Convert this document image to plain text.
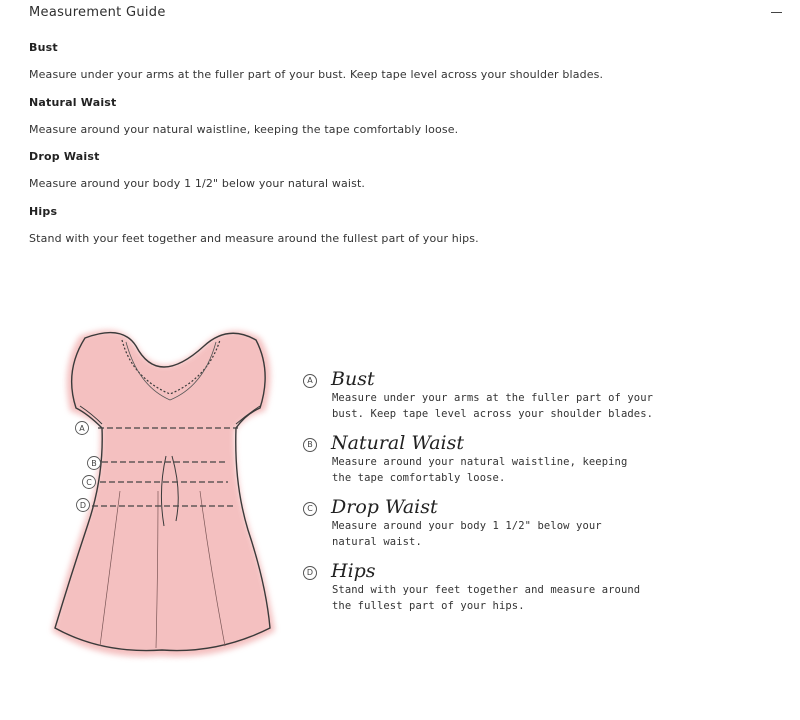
Measurement Guide
Bust
Measure under your arms at the fuller part of your bust. Keep tape level across your shoulder blades.
Natural Waist
Measure around your natural waistline, keeping the tape comfortably loose.
Drop Waist
Measure around your body 1 1/2" below your natural waist.
Hips
Stand with your feet together and measure around the fullest part of your hips.
A
B
C
D
A Bust
Measure under your arms at the fuller part of your
bust. Keep tape level across your shoulder blades.
B Natural Waist
Measure around your natural waistline, keeping
the tape comfortably loose.
C Drop Waist
Measure around your body 1 1/2" below your
natural waist.
D Hips
Stand with your feet together and measure around
the fullest part of your hips.
